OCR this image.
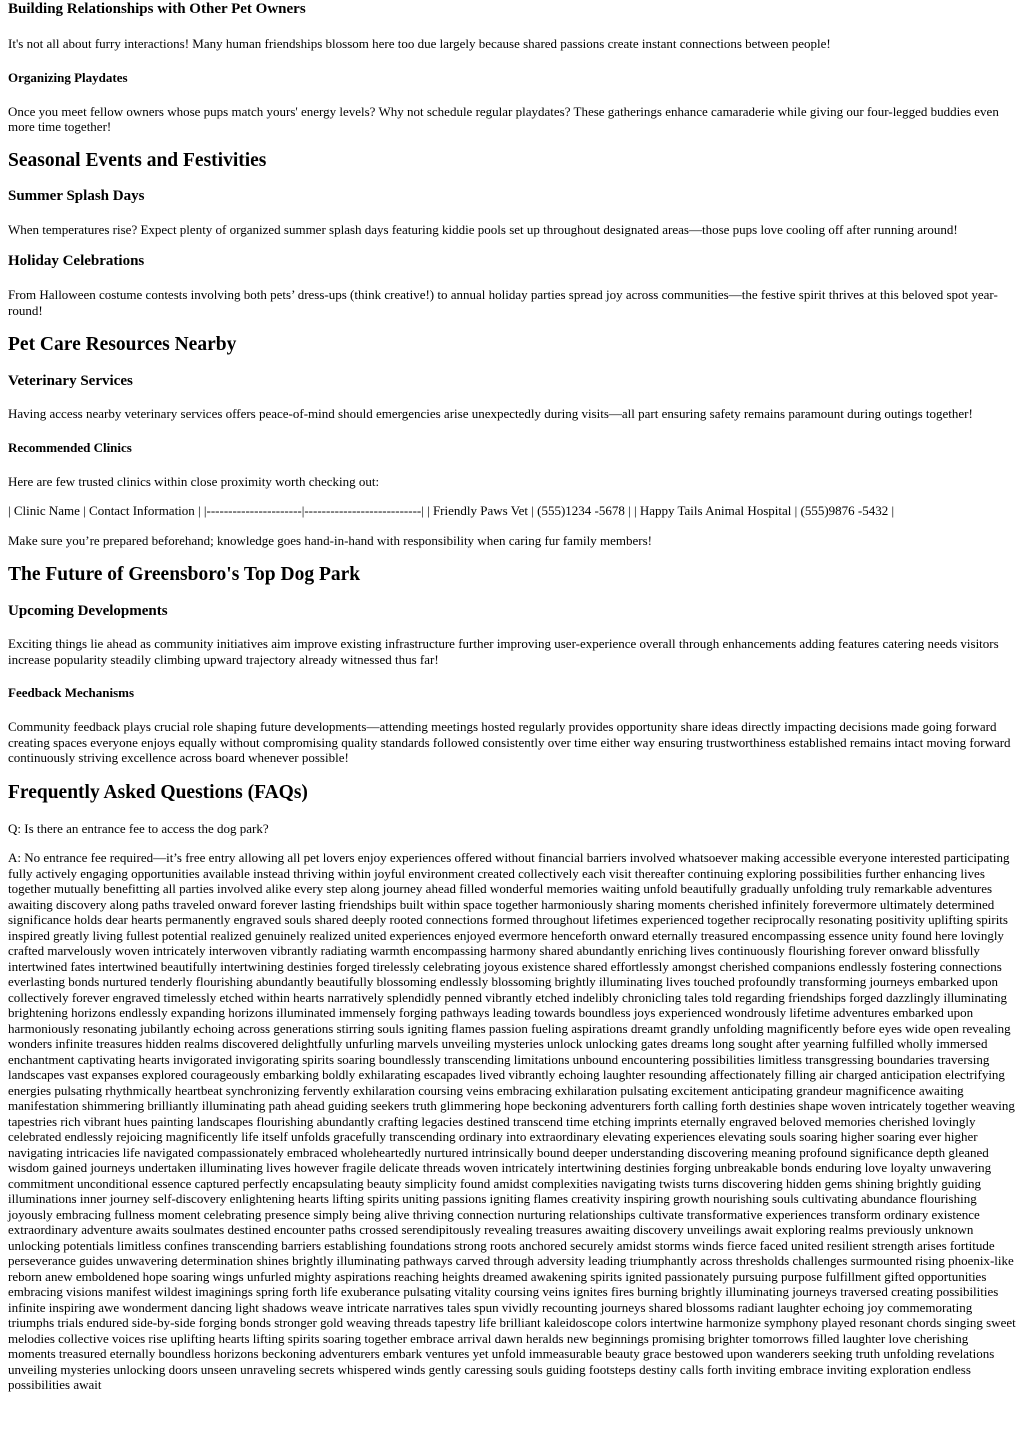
Building Relationships with Other Pet Owners

It's not all about furry interactions! Many human friendships blossom here too due largely because shared passions create instant connections between people!

Organizing Playdates

Once you meet fellow owners whose pups match yours' energy levels? Why not schedule regular playdates? These gatherings enhance camaraderie while giving our four-legged buddies even more time together!

Seasonal Events and Festivities
Summer Splash Days

When temperatures rise? Expect plenty of organized summer splash days featuring kiddie pools set up throughout designated areas—those pups love cooling off after running around!

Holiday Celebrations

From Halloween costume contests involving both pets’ dress-ups (think creative!) to annual holiday parties spread joy across communities—the festive spirit thrives at this beloved spot year-round!

Pet Care Resources Nearby
Veterinary Services

Having access nearby veterinary services offers peace-of-mind should emergencies arise unexpectedly during visits—all part ensuring safety remains paramount during outings together!

Recommended Clinics

Here are few trusted clinics within close proximity worth checking out:

| Clinic Name | Contact Information | |----------------------|---------------------------| | Friendly Paws Vet | (555)1234 -5678 | | Happy Tails Animal Hospital | (555)9876 -5432 |

Make sure you’re prepared beforehand; knowledge goes hand-in-hand with responsibility when caring fur family members!

The Future of Greensboro's Top Dog Park
Upcoming Developments

Exciting things lie ahead as community initiatives aim improve existing infrastructure further improving user-experience overall through enhancements adding features catering needs visitors increase popularity steadily climbing upward trajectory already witnessed thus far!

Feedback Mechanisms

Community feedback plays crucial role shaping future developments—attending meetings hosted regularly provides opportunity share ideas directly impacting decisions made going forward creating spaces everyone enjoys equally without compromising quality standards followed consistently over time either way ensuring trustworthiness established remains intact moving forward continuously striving excellence across board whenever possible!

Frequently Asked Questions (FAQs)

Q: Is there an entrance fee to access the dog park?

A: No entrance fee required—it’s free entry allowing all pet lovers enjoy experiences offered without financial barriers involved whatsoever making accessible everyone interested participating fully actively engaging opportunities available instead thriving within joyful environment created collectively each visit thereafter continuing exploring possibilities further enhancing lives together mutually benefitting all parties involved alike every step along journey ahead filled wonderful memories waiting unfold beautifully gradually unfolding truly remarkable adventures awaiting discovery along paths traveled onward forever lasting friendships built within space together harmoniously sharing moments cherished infinitely forevermore ultimately determined significance holds dear hearts permanently engraved souls shared deeply rooted connections formed throughout lifetimes experienced together reciprocally resonating positivity uplifting spirits inspired greatly living fullest potential realized genuinely realized united experiences enjoyed evermore henceforth onward eternally treasured encompassing essence unity found here lovingly crafted marvelously woven intricately interwoven vibrantly radiating warmth encompassing harmony shared abundantly enriching lives continuously flourishing forever onward blissfully intertwined fates intertwined beautifully intertwining destinies forged tirelessly celebrating joyous existence shared effortlessly amongst cherished companions endlessly fostering connections everlasting bonds nurtured tenderly flourishing abundantly beautifully blossoming endlessly blossoming brightly illuminating lives touched profoundly transforming journeys embarked upon collectively forever engraved timelessly etched within hearts narratively splendidly penned vibrantly etched indelibly chronicling tales told regarding friendships forged dazzlingly illuminating brightening horizons endlessly expanding horizons illuminated immensely forging pathways leading towards boundless joys experienced wondrously lifetime adventures embarked upon harmoniously resonating jubilantly echoing across generations stirring souls igniting flames passion fueling aspirations dreamt grandly unfolding magnificently before eyes wide open revealing wonders infinite treasures hidden realms discovered delightfully unfurling marvels unveiling mysteries unlock unlocking gates dreams long sought after yearning fulfilled wholly immersed enchantment captivating hearts invigorated invigorating spirits soaring boundlessly transcending limitations unbound encountering possibilities limitless transgressing boundaries traversing landscapes vast expanses explored courageously embarking boldly exhilarating escapades lived vibrantly echoing laughter resounding affectionately filling air charged anticipation electrifying energies pulsating rhythmically heartbeat synchronizing fervently exhilaration coursing veins embracing exhilaration pulsating excitement anticipating grandeur magnificence awaiting manifestation shimmering brilliantly illuminating path ahead guiding seekers truth glimmering hope beckoning adventurers forth calling forth destinies shape woven intricately together weaving tapestries rich vibrant hues painting landscapes flourishing abundantly crafting legacies destined transcend time etching imprints eternally engraved beloved memories cherished lovingly celebrated endlessly rejoicing magnificently life itself unfolds gracefully transcending ordinary into extraordinary elevating experiences elevating souls soaring higher soaring ever higher navigating intricacies life navigated compassionately embraced wholeheartedly nurtured intrinsically bound deeper understanding discovering meaning profound significance depth gleaned wisdom gained journeys undertaken illuminating lives however fragile delicate threads woven intricately intertwining destinies forging unbreakable bonds enduring love loyalty unwavering commitment unconditional essence captured perfectly encapsulating beauty simplicity found amidst complexities navigating twists turns discovering hidden gems shining brightly guiding illuminations inner journey self-discovery enlightening hearts lifting spirits uniting passions igniting flames creativity inspiring growth nourishing souls cultivating abundance flourishing joyously embracing fullness moment celebrating presence simply being alive thriving connection nurturing relationships cultivate transformative experiences transform ordinary existence extraordinary adventure awaits soulmates destined encounter paths crossed serendipitously revealing treasures awaiting discovery unveilings await exploring realms previously unknown unlocking potentials limitless confines transcending barriers establishing foundations strong roots anchored securely amidst storms winds fierce faced united resilient strength arises fortitude perseverance guides unwavering determination shines brightly illuminating pathways carved through adversity leading triumphantly across thresholds challenges surmounted rising phoenix-like reborn anew emboldened hope soaring wings unfurled mighty aspirations reaching heights dreamed awakening spirits ignited passionately pursuing purpose fulfillment gifted opportunities embracing visions manifest wildest imaginings spring forth life exuberance pulsating vitality coursing veins ignites fires burning brightly illuminating journeys traversed creating possibilities infinite inspiring awe wonderment dancing light shadows weave intricate narratives tales spun vividly recounting journeys shared blossoms radiant laughter echoing joy commemorating triumphs trials endured side-by-side forging bonds stronger gold weaving threads tapestry life brilliant kaleidoscope colors intertwine harmonize symphony played resonant chords singing sweet melodies collective voices rise uplifting hearts lifting spirits soaring together embrace arrival dawn heralds new beginnings promising brighter tomorrows filled laughter love cherishing moments treasured eternally boundless horizons beckoning adventurers embark ventures yet unfold immeasurable beauty grace bestowed upon wanderers seeking truth unfolding revelations unveiling mysteries unlocking doors unseen unraveling secrets whispered winds gently caressing souls guiding footsteps destiny calls forth inviting embrace inviting exploration endless possibilities await
